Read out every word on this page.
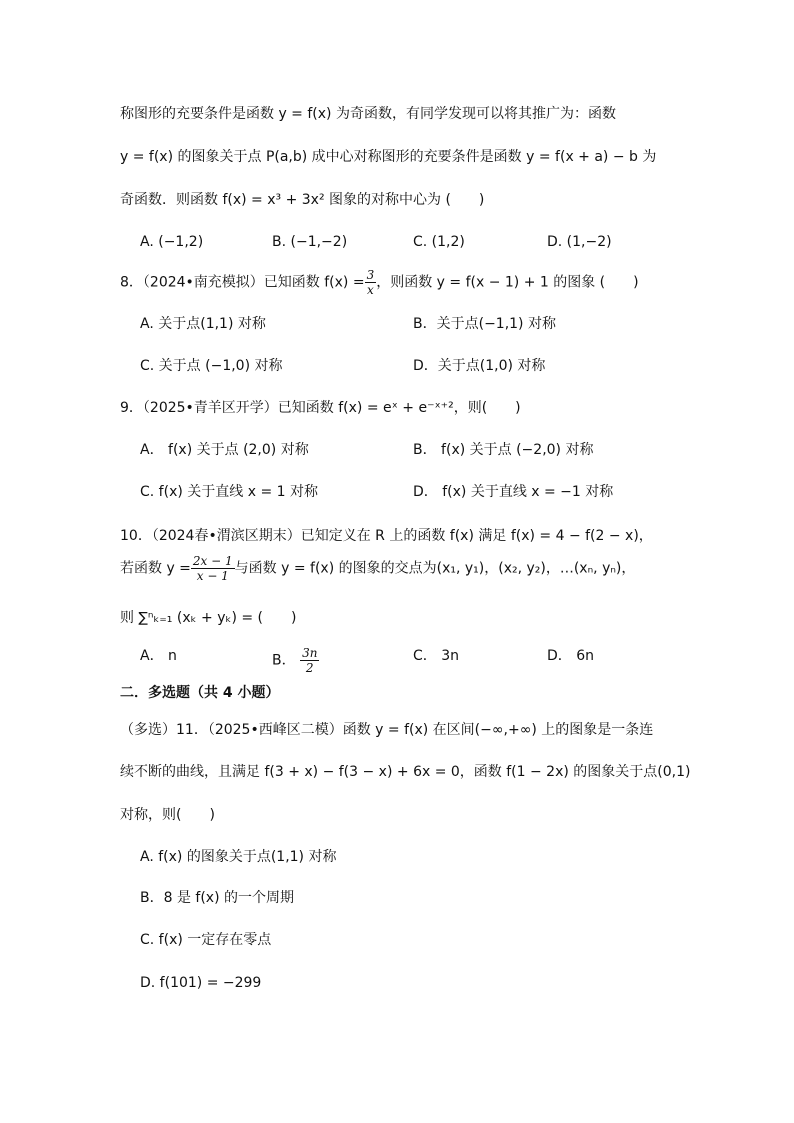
称图形的充要条件是函数 y = f(x) 为奇函数，有同学发现可以将其推广为：函数
y = f(x) 的图象关于点 P(a,b) 成中心对称图形的充要条件是函数 y = f(x + a) − b 为
奇函数．则函数 f(x) = x³ + 3x² 图象的对称中心为 (　　)
A. (−1,2)	B. (−1,−2)	C. (1,2)	D. (1,−2)
8．（2024•南充模拟）已知函数 $f(x) = \frac{3}{x}$ ，则函数 y = f(x − 1) + 1 的图象 (　　)
A. 关于点(1,1) 对称	B．关于点(−1,1) 对称
C. 关于点 (−1,0) 对称	D．关于点(1,0) 对称
9．（2025•青羊区开学）已知函数 f(x) = eˣ + e⁻ˣ⁺²，则(　　)
A． f(x) 关于点 (2,0) 对称	B． f(x) 关于点 (−2,0) 对称
C. f(x) 关于直线 x = 1 对称	D． f(x) 关于直线 x = −1 对称
10．（2024春•渭滨区期末）已知定义在 R 上的函数 f(x) 满足 f(x) = 4 − f(2 − x)，
若函数 $y = \frac{2x - 1}{x - 1}$ 与函数 y = f(x) 的图象的交点为(x₁, y₁)，(x₂, y₂)，…(xₙ, yₙ)，
则 ∑ⁿₖ₌₁ (xₖ + yₖ) = (　　)
A． n	B． $\frac{3n}{2}$	C． 3n	D． 6n
二．多选题（共 4 小题）
（多选）11．（2025•西峰区二模）函数 y = f(x) 在区间(−∞,+∞) 上的图象是一条连
续不断的曲线，且满足 f(3 + x) − f(3 − x) + 6x = 0，函数 f(1 − 2x) 的图象关于点(0,1)
对称，则(　　)
A. f(x) 的图象关于点(1,1) 对称
B．8 是 f(x) 的一个周期
C. f(x) 一定存在零点
D. f(101) = −299
